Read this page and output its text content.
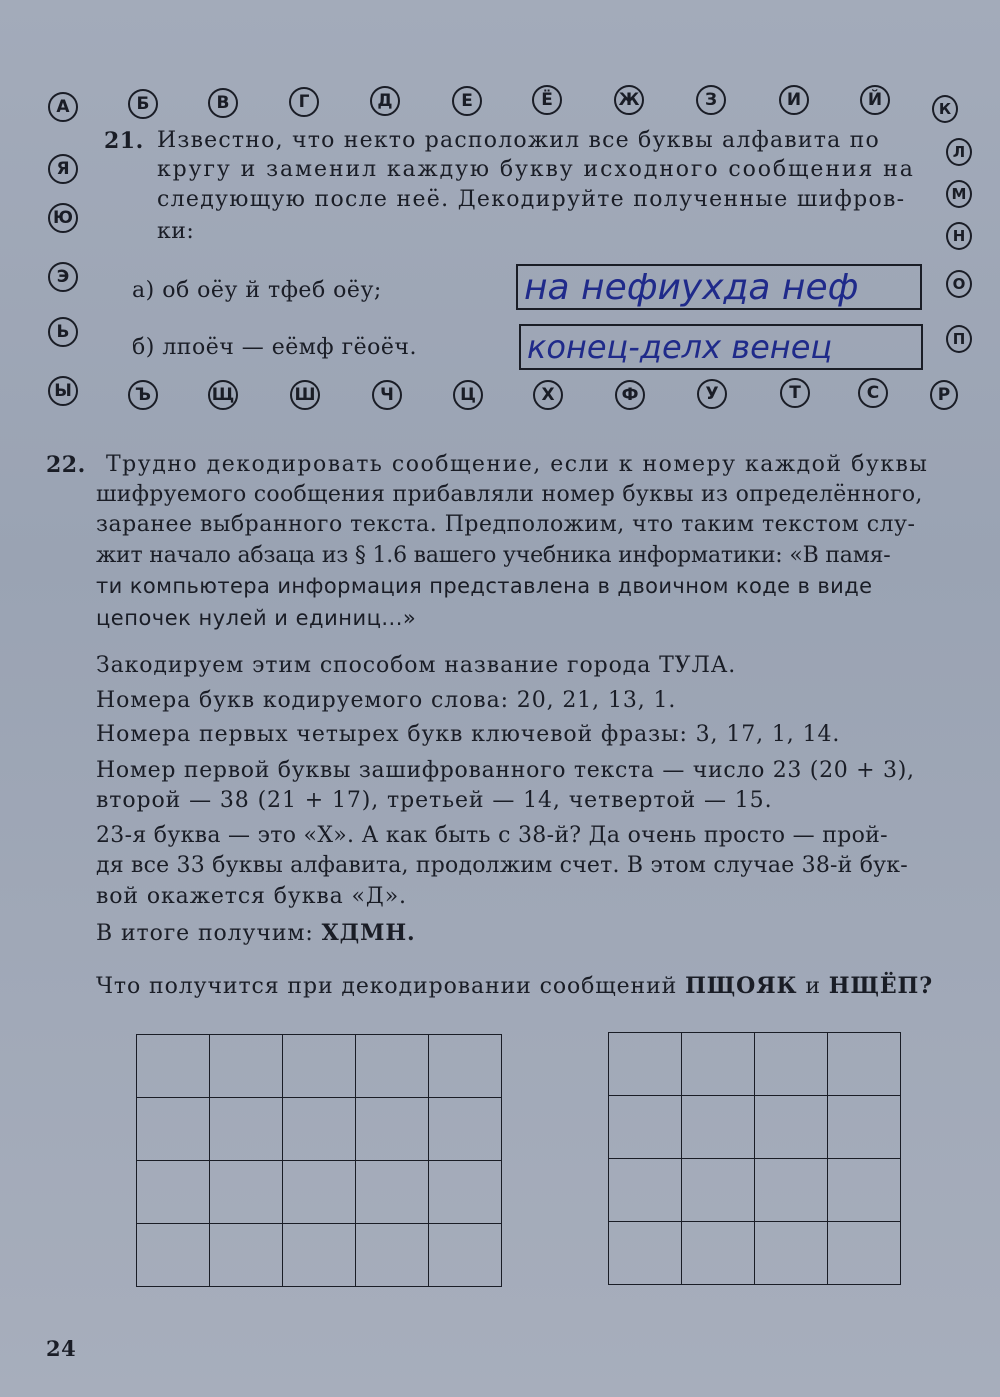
А	Б	В	Г	Д	Е	Ё	Ж	З	И	Й	К
Л
М
Н
О
П
Я
Ю
Э
Ь
Ы	Ъ	Щ	Ш	Ч	Ц	Х	Ф	У	Т	С	Р
21. Известно, что некто расположил все буквы алфавита по
кругу и заменил каждую букву исходного сообщения на
следующую после неё. Декодируйте полученные шифров-
ки:
а) об оёу й тфеб оёу;	на нефиухда неф
б) лпоёч — еёмф гёоёч.	конец-делх венец
22. Трудно декодировать сообщение, если к номеру каждой буквы
шифруемого сообщения прибавляли номер буквы из определённого,
заранее выбранного текста. Предположим, что таким текстом слу-
жит начало абзаца из § 1.6 вашего учебника информатики: «В памя-
ти компьютера информация представлена в двоичном коде в виде
цепочек нулей и единиц...»
Закодируем этим способом название города ТУЛА.
Номера букв кодируемого слова: 20, 21, 13, 1.
Номера первых четырех букв ключевой фразы: 3, 17, 1, 14.
Номер первой буквы зашифрованного текста — число 23 (20 + 3),
второй — 38 (21 + 17), третьей — 14, четвертой — 15.
23-я буква — это «Х». А как быть с 38-й? Да очень просто — прой-
дя все 33 буквы алфавита, продолжим счет. В этом случае 38-й бук-
вой окажется буква «Д».
В итоге получим: ХДМН.
Что получится при декодировании сообщений ПЩОЯК и НЩЁП?

24
